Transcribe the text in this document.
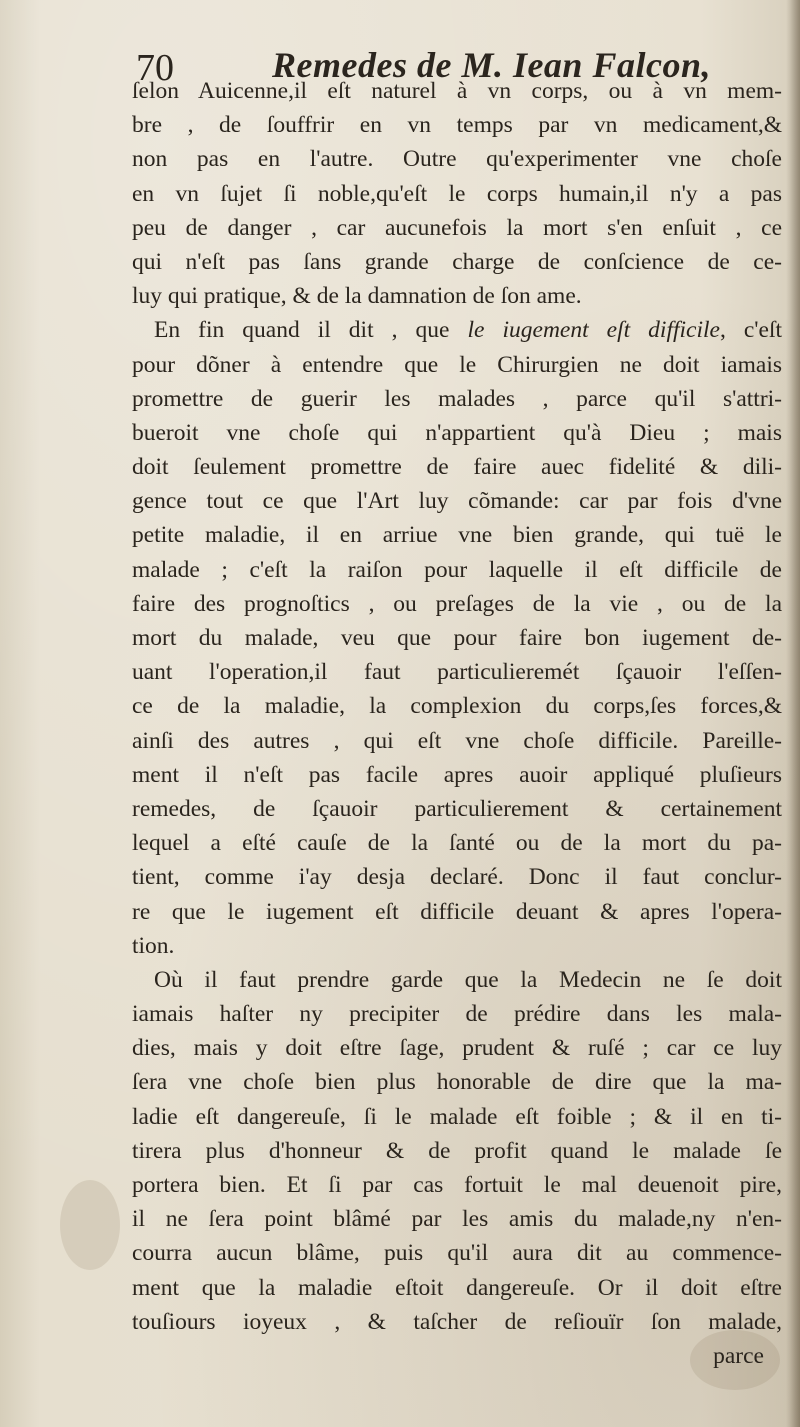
70	Remedes de M. Iean Falcon,
ſelon Auicenne,il eſt naturel à vn corps, ou à vn mem-
bre , de ſouffrir en vn temps par vn medicament,&
non pas en l'autre. Outre qu'experimenter vne choſe
en vn ſujet ſi noble,qu'eſt le corps humain,il n'y a pas
peu de danger , car aucunefois la mort s'en enſuit , ce
qui n'eſt pas ſans grande charge de conſcience de ce-
luy qui pratique, & de la damnation de ſon ame.
En fin quand il dit , que le iugement eſt difficile, c'eſt
pour dõner à entendre que le Chirurgien ne doit iamais
promettre de guerir les malades , parce qu'il s'attri-
bueroit vne choſe qui n'appartient qu'à Dieu ; mais
doit ſeulement promettre de faire auec fidelité & dili-
gence tout ce que l'Art luy cõmande: car par fois d'vne
petite maladie, il en arriue vne bien grande, qui tuë le
malade ; c'eſt la raiſon pour laquelle il eſt difficile de
faire des prognoſtics , ou preſages de la vie , ou de la
mort du malade, veu que pour faire bon iugement de-
uant l'operation,il faut particulieremét ſçauoir l'eſſen-
ce de la maladie, la complexion du corps,ſes forces,&
ainſi des autres , qui eſt vne choſe difficile. Pareille-
ment il n'eſt pas facile apres auoir appliqué pluſieurs
remedes, de ſçauoir particulierement & certainement
lequel a eſté cauſe de la ſanté ou de la mort du pa-
tient, comme i'ay desja declaré. Donc il faut conclur-
re que le iugement eſt difficile deuant & apres l'opera-
tion.
Où il faut prendre garde que la Medecin ne ſe doit
iamais haſter ny precipiter de prédire dans les mala-
dies, mais y doit eſtre ſage, prudent & ruſé ; car ce luy
ſera vne choſe bien plus honorable de dire que la ma-
ladie eſt dangereuſe, ſi le malade eſt foible ; & il en ti-
tirera plus d'honneur & de profit quand le malade ſe
portera bien. Et ſi par cas fortuit le mal deuenoit pire,
il ne ſera point blâmé par les amis du malade,ny n'en-
courra aucun blâme, puis qu'il aura dit au commence-
ment que la maladie eſtoit dangereuſe. Or il doit eſtre
touſiours ioyeux , & taſcher de reſiouïr ſon malade,
parce
